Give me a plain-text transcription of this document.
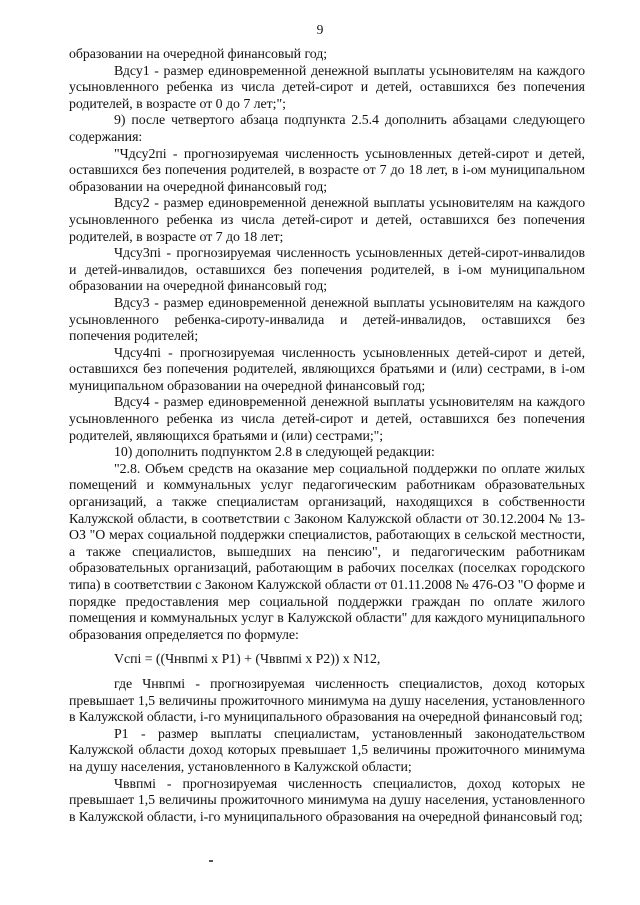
9

образовании на очередной финансовый год;

Вдсу1 - размер единовременной денежной выплаты усыновителям на каждого усыновленного ребенка из числа детей-сирот и детей, оставшихся без попечения родителей, в возрасте от 0 до 7 лет;";

9) после четвертого абзаца подпункта 2.5.4 дополнить абзацами следующего содержания:

"Чдсу2пі - прогнозируемая численность усыновленных детей-сирот и детей, оставшихся без попечения родителей, в возрасте от 7 до 18 лет, в і-ом муниципальном образовании на очередной финансовый год;

Вдсу2 - размер единовременной денежной выплаты усыновителям на каждого усыновленного ребенка из числа детей-сирот и детей, оставшихся без попечения родителей, в возрасте от 7 до 18 лет;

Чдсу3пі - прогнозируемая численность усыновленных детей-сирот-инвалидов и детей-инвалидов, оставшихся без попечения родителей, в і-ом муниципальном образовании на очередной финансовый год;

Вдсу3 - размер единовременной денежной выплаты усыновителям на каждого усыновленного ребенка-сироту-инвалида и детей-инвалидов, оставшихся без попечения родителей;

Чдсу4пі - прогнозируемая численность усыновленных детей-сирот и детей, оставшихся без попечения родителей, являющихся братьями и (или) сестрами, в і-ом муниципальном образовании на очередной финансовый год;

Вдсу4 - размер единовременной денежной выплаты усыновителям на каждого усыновленного ребенка из числа детей-сирот и детей, оставшихся без попечения родителей, являющихся братьями и (или) сестрами;";

10) дополнить подпунктом 2.8 в следующей редакции:

"2.8. Объем средств на оказание мер социальной поддержки по оплате жилых помещений и коммунальных услуг педагогическим работникам образовательных организаций, а также специалистам организаций, находящихся в собственности Калужской области, в соответствии с Законом Калужской области от 30.12.2004 № 13-ОЗ "О мерах социальной поддержки специалистов, работающих в сельской местности, а также специалистов, вышедших на пенсию", и педагогическим работникам образовательных организаций, работающим в рабочих поселках (поселках городского типа) в соответствии с Законом Калужской области от 01.11.2008 № 476-ОЗ "О форме и порядке предоставления мер социальной поддержки граждан по оплате жилого помещения и коммунальных услуг в Калужской области" для каждого муниципального образования определяется по формуле:

Vcпі = ((Чнвпмі x P1) + (Чввпмі x P2)) x N12,

где Чнвпмі - прогнозируемая численность специалистов, доход которых превышает 1,5 величины прожиточного минимума на душу населения, установленного в Калужской области, і-го муниципального образования на очередной финансовый год;

P1 - размер выплаты специалистам, установленный законодательством Калужской области доход которых превышает 1,5 величины прожиточного минимума на душу населения, установленного в Калужской области;

Чввпмі - прогнозируемая численность специалистов, доход которых не превышает 1,5 величины прожиточного минимума на душу населения, установленного в Калужской области, і-го муниципального образования на очередной финансовый год;
